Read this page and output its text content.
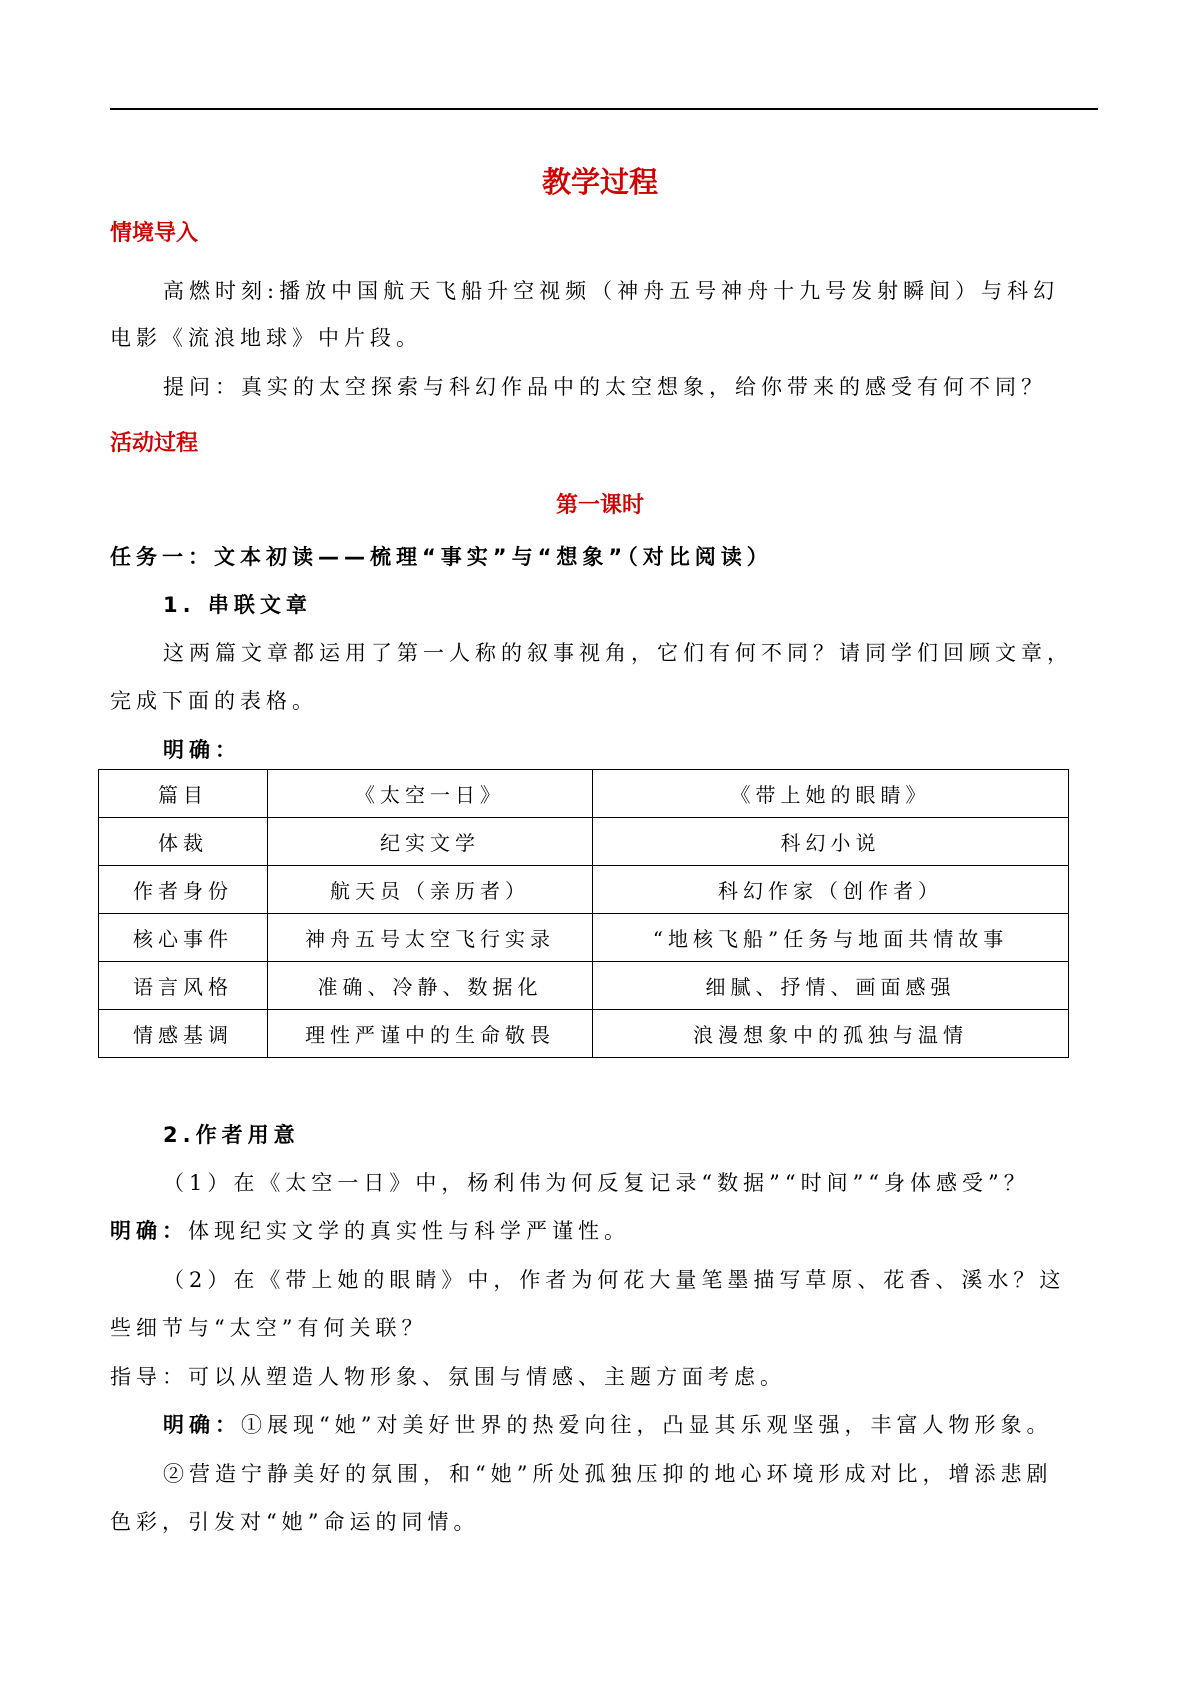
教学过程
情境导入
高燃时刻:播放中国航天飞船升空视频（神舟五号神舟十九号发射瞬间）与科幻
电影《流浪地球》中片段。
提问：真实的太空探索与科幻作品中的太空想象，给你带来的感受有何不同？
活动过程
第一课时
任务一：文本初读——梳理“事实”与“想象”（对比阅读）
1. 串联文章
这两篇文章都运用了第一人称的叙事视角，它们有何不同？请同学们回顾文章，
完成下面的表格。
明确：
篇目	《太空一日》	《带上她的眼睛》
体裁	纪实文学	科幻小说
作者身份	航天员（亲历者）	科幻作家（创作者）
核心事件	神舟五号太空飞行实录	“地核飞船”任务与地面共情故事
语言风格	准确、冷静、数据化	细腻、抒情、画面感强
情感基调	理性严谨中的生命敬畏	浪漫想象中的孤独与温情
2.作者用意
（1）在《太空一日》中，杨利伟为何反复记录“数据”“时间”“身体感受”？
明确：体现纪实文学的真实性与科学严谨性。
（2）在《带上她的眼睛》中，作者为何花大量笔墨描写草原、花香、溪水？这
些细节与“太空”有何关联？
指导：可以从塑造人物形象、氛围与情感、主题方面考虑。
明确：①展现“她”对美好世界的热爱向往，凸显其乐观坚强，丰富人物形象。
②营造宁静美好的氛围，和“她”所处孤独压抑的地心环境形成对比，增添悲剧
色彩，引发对“她”命运的同情。
